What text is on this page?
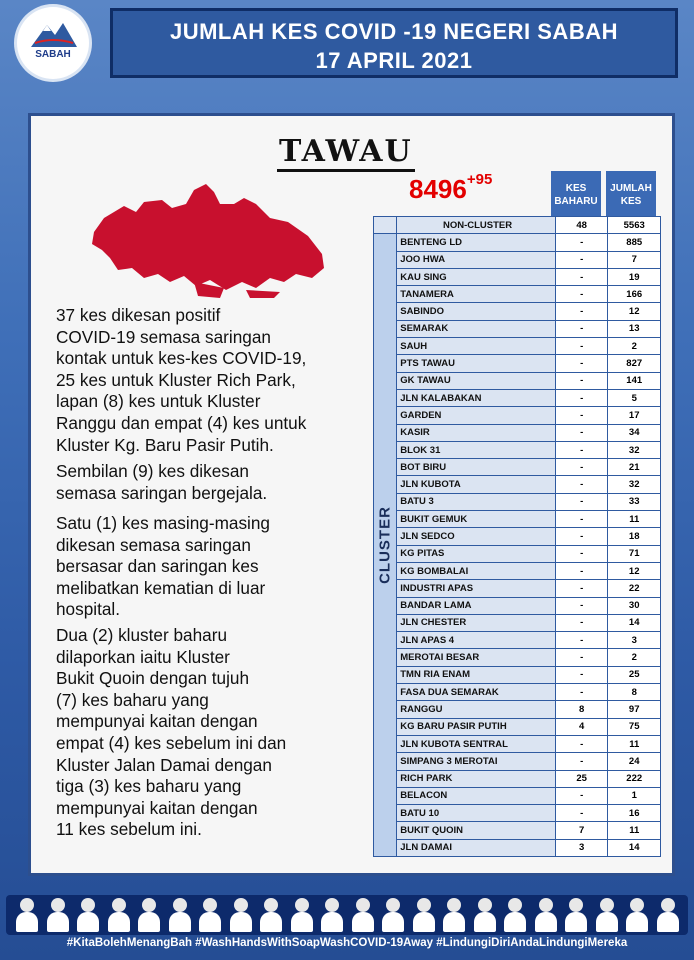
SABAH
JUMLAH KES COVID -19 NEGERI SABAH
17 APRIL 2021
TAWAU
$8496^{+95}$
37 kes dikesan positif
COVID-19 semasa saringan
kontak untuk kes-kes COVID-19,
25 kes untuk Kluster Rich Park,
lapan (8) kes untuk Kluster
Ranggu dan empat (4) kes untuk
Kluster Kg. Baru Pasir Putih.
Sembilan (9) kes dikesan
semasa saringan bergejala.
Satu (1) kes masing-masing
dikesan semasa saringan
bersasar dan saringan kes
melibatkan kematian di luar
hospital.
Dua (2) kluster baharu
dilaporkan iaitu Kluster
Bukit Quoin dengan tujuh
(7) kes baharu yang
mempunyai kaitan dengan
empat (4) kes sebelum ini dan
Kluster Jalan Damai dengan
tiga (3) kes baharu yang
mempunyai kaitan dengan
11 kes sebelum ini.
KES BAHARU
JUMLAH KES
	NON-CLUSTER	48	5563

CLUSTER	BENTENG LD	-	885
	JOO HWA	-	7
	KAU SING	-	19
	TANAMERA	-	166
	SABINDO	-	12
	SEMARAK	-	13
	SAUH	-	2
	PTS TAWAU	-	827
	GK TAWAU	-	141
	JLN KALABAKAN	-	5
	GARDEN	-	17
	KASIR	-	34
	BLOK 31	-	32
	BOT BIRU	-	21
	JLN KUBOTA	-	32
	BATU 3	-	33
	BUKIT GEMUK	-	11
	JLN SEDCO	-	18
	KG PITAS	-	71
	KG BOMBALAI	-	12
	INDUSTRI APAS	-	22
	BANDAR LAMA	-	30
	JLN CHESTER	-	14
	JLN APAS 4	-	3
	MEROTAI BESAR	-	2
	TMN RIA ENAM	-	25
	FASA DUA SEMARAK	-	8
	RANGGU	8	97
	KG BARU PASIR PUTIH	4	75
	JLN KUBOTA SENTRAL	-	11
	SIMPANG 3 MEROTAI	-	24
	RICH PARK	25	222
	BELACON	-	1
	BATU 10	-	16
	BUKIT QUOIN	7	11
	JLN DAMAI	3	14
#KitaBolehMenangBah #WashHandsWithSoapWashCOVID-19Away #LindungiDiriAndaLindungiMereka
